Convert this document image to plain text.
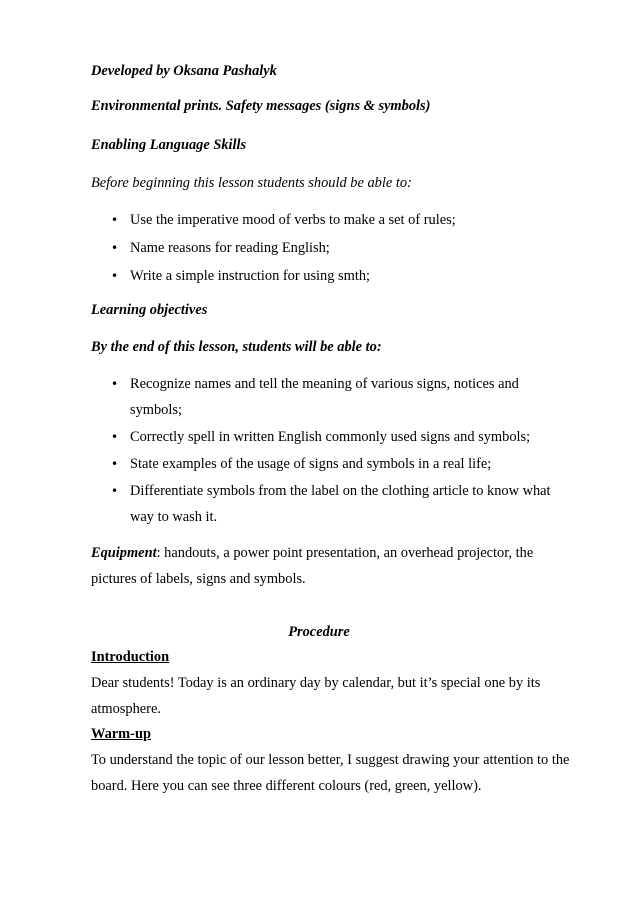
Developed by Oksana Pashalyk
Environmental prints. Safety messages (signs & symbols)
Enabling Language Skills
Before beginning this lesson students should be able to:
• Use the imperative mood of verbs to make a set of rules;
• Name reasons for reading English;
• Write a simple instruction for using smth;
Learning objectives
By the end of this lesson, students will be able to:
• Recognize names and tell the meaning of various signs, notices and
symbols;
• Correctly spell in written English commonly used signs and symbols;
• State examples of the usage of signs and symbols in a real life;
• Differentiate symbols from the label on the clothing article to know what
way to wash it.
Equipment: handouts, a power point presentation, an overhead projector, the
pictures of labels, signs and symbols.
Procedure
Introduction
Dear students! Today is an ordinary day by calendar, but it’s special one by its
atmosphere.
Warm-up
To understand the topic of our lesson better, I suggest drawing your attention to the
board. Here you can see three different colours (red, green, yellow).
